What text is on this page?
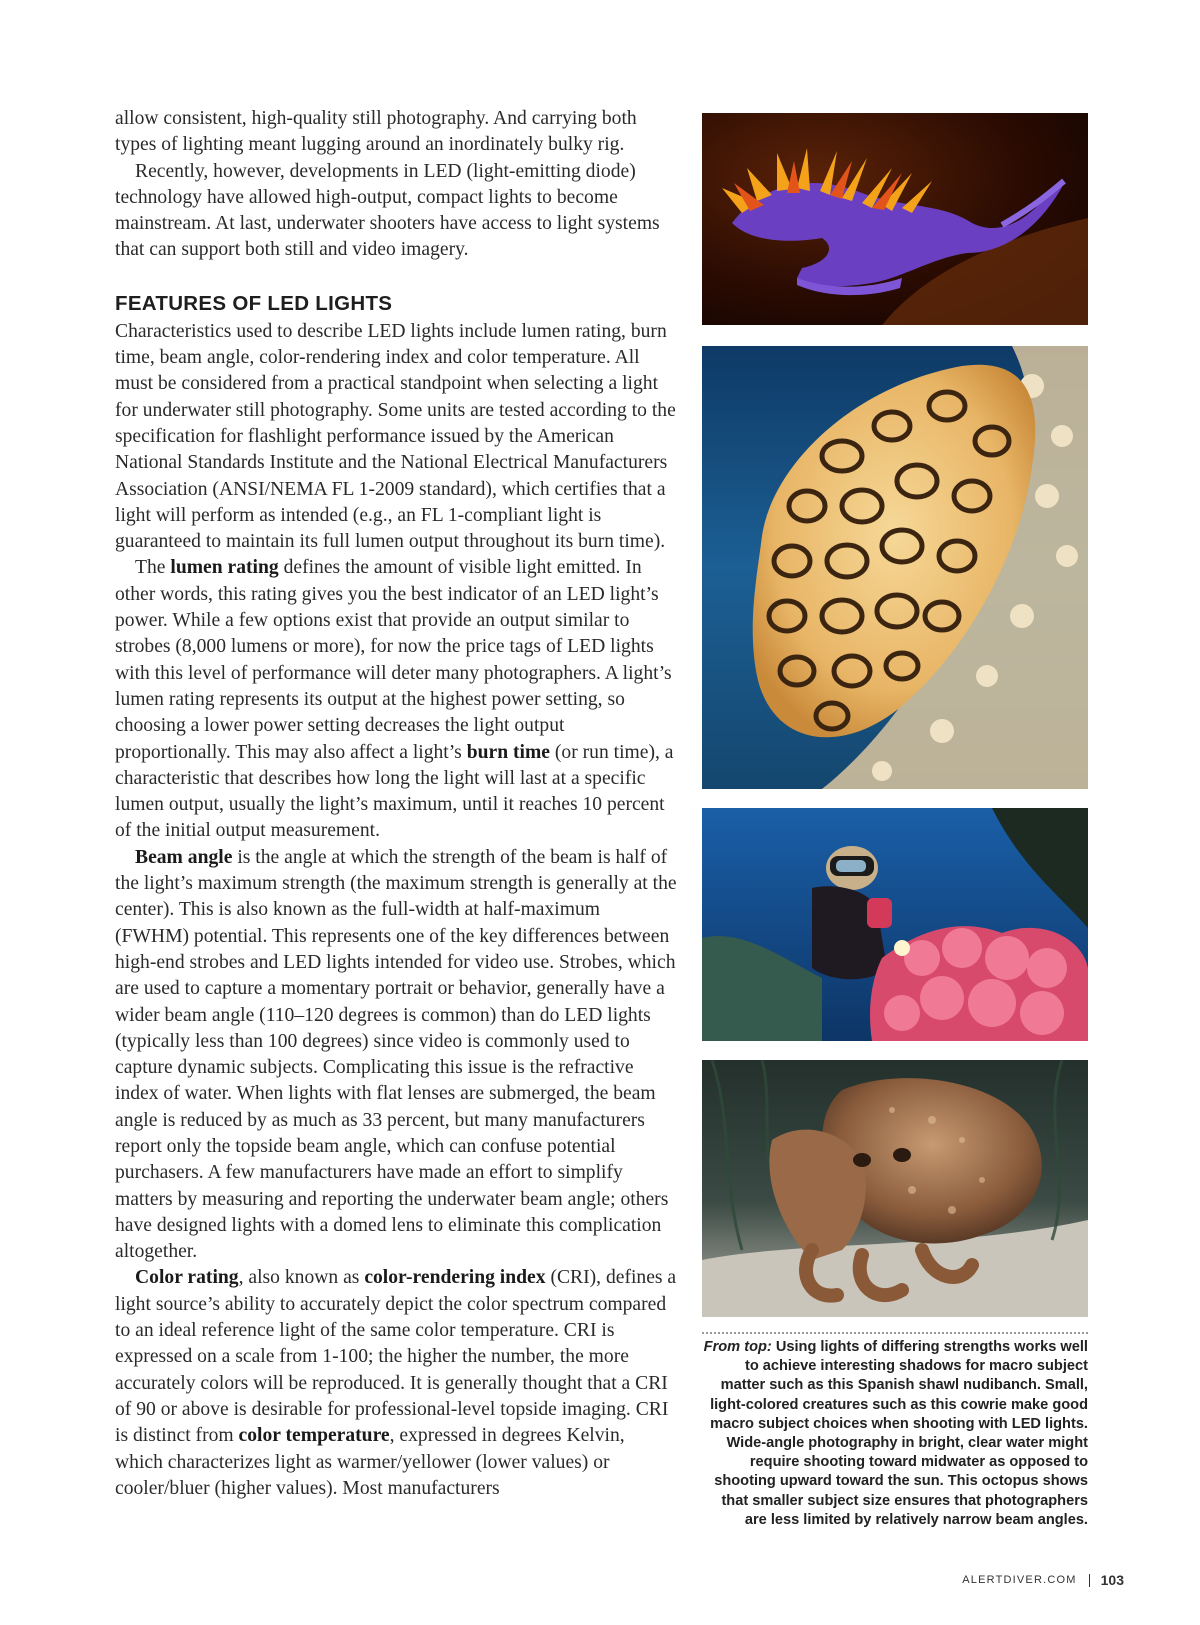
allow consistent, high-quality still photography. And carrying both types of lighting meant lugging around an inordinately bulky rig.

Recently, however, developments in LED (light-emitting diode) technology have allowed high-output, compact lights to become mainstream. At last, underwater shooters have access to light systems that can support both still and video imagery.

FEATURES OF LED LIGHTS

Characteristics used to describe LED lights include lumen rating, burn time, beam angle, color-rendering index and color temperature. All must be considered from a practical standpoint when selecting a light for underwater still photography. Some units are tested according to the specification for flashlight performance issued by the American National Standards Institute and the National Electrical Manufacturers Association (ANSI/NEMA FL 1-2009 standard), which certifies that a light will perform as intended (e.g., an FL 1-compliant light is guaranteed to maintain its full lumen output throughout its burn time).

The lumen rating defines the amount of visible light emitted. In other words, this rating gives you the best indicator of an LED light’s power. While a few options exist that provide an output similar to strobes (8,000 lumens or more), for now the price tags of LED lights with this level of performance will deter many photographers. A light’s lumen rating represents its output at the highest power setting, so choosing a lower power setting decreases the light output proportionally. This may also affect a light’s burn time (or run time), a characteristic that describes how long the light will last at a specific lumen output, usually the light’s maximum, until it reaches 10 percent of the initial output measurement.

Beam angle is the angle at which the strength of the beam is half of the light’s maximum strength (the maximum strength is generally at the center). This is also known as the full-width at half-maximum (FWHM) potential. This represents one of the key differences between high-end strobes and LED lights intended for video use. Strobes, which are used to capture a momentary portrait or behavior, generally have a wider beam angle (110–120 degrees is common) than do LED lights (typically less than 100 degrees) since video is commonly used to capture dynamic subjects. Complicating this issue is the refractive index of water. When lights with flat lenses are submerged, the beam angle is reduced by as much as 33 percent, but many manufacturers report only the topside beam angle, which can confuse potential purchasers. A few manufacturers have made an effort to simplify matters by measuring and reporting the underwater beam angle; others have designed lights with a domed lens to eliminate this complication altogether.

Color rating, also known as color-rendering index (CRI), defines a light source’s ability to accurately depict the color spectrum compared to an ideal reference light of the same color temperature. CRI is expressed on a scale from 1-100; the higher the number, the more accurately colors will be reproduced. It is generally thought that a CRI of 90 or above is desirable for professional-level topside imaging. CRI is distinct from color temperature, expressed in degrees Kelvin, which characterizes light as warmer/yellower (lower values) or cooler/bluer (higher values). Most manufacturers

From top: Using lights of differing strengths works well to achieve interesting shadows for macro subject matter such as this Spanish shawl nudibanch. Small, light-colored creatures such as this cowrie make good macro subject choices when shooting with LED lights. Wide-angle photography in bright, clear water might require shooting toward midwater as opposed to shooting upward toward the sun. This octopus shows that smaller subject size ensures that photographers are less limited by relatively narrow beam angles.

ALERTDIVER.COM 103
